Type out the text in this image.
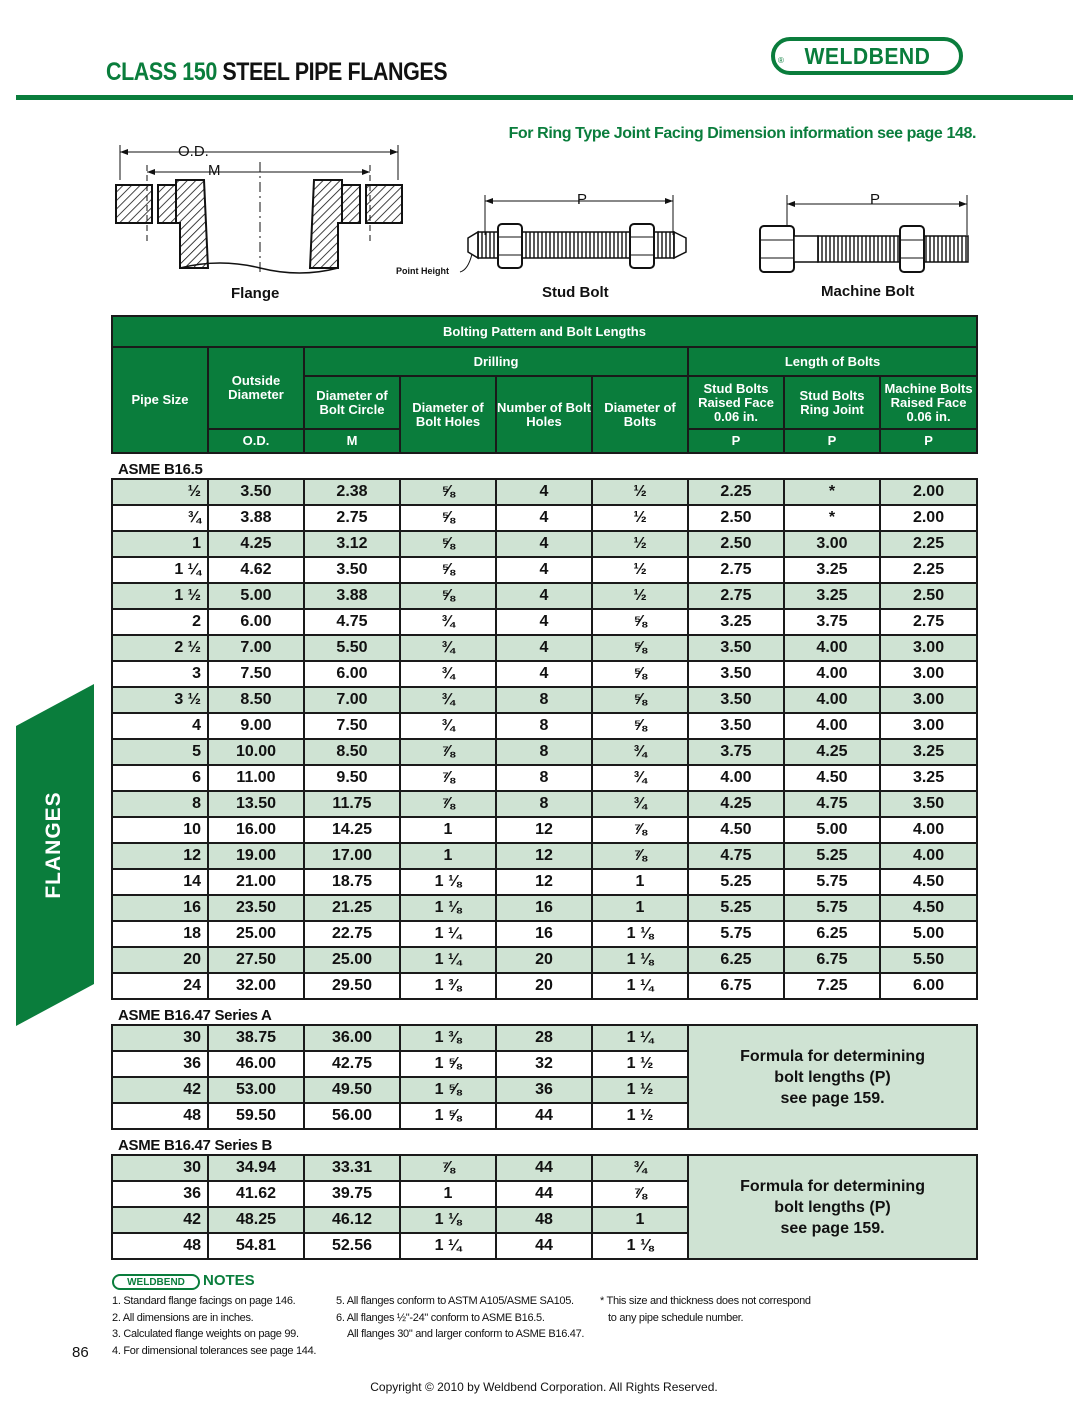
CLASS 150 STEEL PIPE FLANGES
WELDBEND
®
For Ring Type Joint Facing Dimension information see page 148.
O.D.
M
P	P
Point Height
Flange	Stud Bolt	Machine Bolt
FLANGES
Bolting Pattern and Bolt Lengths								
Pipe Size	Outside Diameter	Drilling				Length of Bolts		
		Diameter of Bolt Circle	Diameter of Bolt Holes	Number of Bolt Holes	Diameter of Bolts	Stud Bolts Raised Face 0.06 in.	Stud Bolts Ring Joint	Machine Bolts Raised Face 0.06 in.
	O.D.	M				P	P	P
ASME B16.5								
½	3.50	2.38	⅝	4	½	2.25	*	2.00
¾	3.88	2.75	⅝	4	½	2.50	*	2.00
1	4.25	3.12	⅝	4	½	2.50	3.00	2.25
1 ¼	4.62	3.50	⅝	4	½	2.75	3.25	2.25
1 ½	5.00	3.88	⅝	4	½	2.75	3.25	2.50
2	6.00	4.75	¾	4	⅝	3.25	3.75	2.75
2 ½	7.00	5.50	¾	4	⅝	3.50	4.00	3.00
3	7.50	6.00	¾	4	⅝	3.50	4.00	3.00
3 ½	8.50	7.00	¾	8	⅝	3.50	4.00	3.00
4	9.00	7.50	¾	8	⅝	3.50	4.00	3.00
5	10.00	8.50	⅞	8	¾	3.75	4.25	3.25
6	11.00	9.50	⅞	8	¾	4.00	4.50	3.25
8	13.50	11.75	⅞	8	¾	4.25	4.75	3.50
10	16.00	14.25	1	12	⅞	4.50	5.00	4.00
12	19.00	17.00	1	12	⅞	4.75	5.25	4.00
14	21.00	18.75	1 ⅛	12	1	5.25	5.75	4.50
16	23.50	21.25	1 ⅛	16	1	5.25	5.75	4.50
18	25.00	22.75	1 ¼	16	1 ⅛	5.75	6.25	5.00
20	27.50	25.00	1 ¼	20	1 ⅛	6.25	6.75	5.50
24	32.00	29.50	1 ⅜	20	1 ¼	6.75	7.25	6.00
ASME B16.47 Series A								
30	38.75	36.00	1 ⅜	28	1 ¼	Formula for determining
bolt lengths (P)
see page 159.		

36	46.00	42.75	1 ⅝	32	1 ½			
42	53.00	49.50	1 ⅝	36	1 ½			
48	59.50	56.00	1 ⅝	44	1 ½			
ASME B16.47 Series B								
30	34.94	33.31	⅞	44	¾	Formula for determining
bolt lengths (P)
see page 159.		

36	41.62	39.75	1	44	⅞			
42	48.25	46.12	1 ⅛	48	1			
48	54.81	52.56	1 ¼	44	1 ⅛			
WELDBEND NOTES
1. Standard flange facings on page 146.
2. All dimensions are in inches.
3. Calculated flange weights on page 99.
4. For dimensional tolerances see page 144.
5. All flanges conform to ASTM A105/ASME SA105.
6. All flanges ½"-24" conform to ASME B16.5.
All flanges 30" and larger conform to ASME B16.47.
* This size and thickness does not correspond
to any pipe schedule number.
86
Copyright © 2010 by Weldbend Corporation. All Rights Reserved.
